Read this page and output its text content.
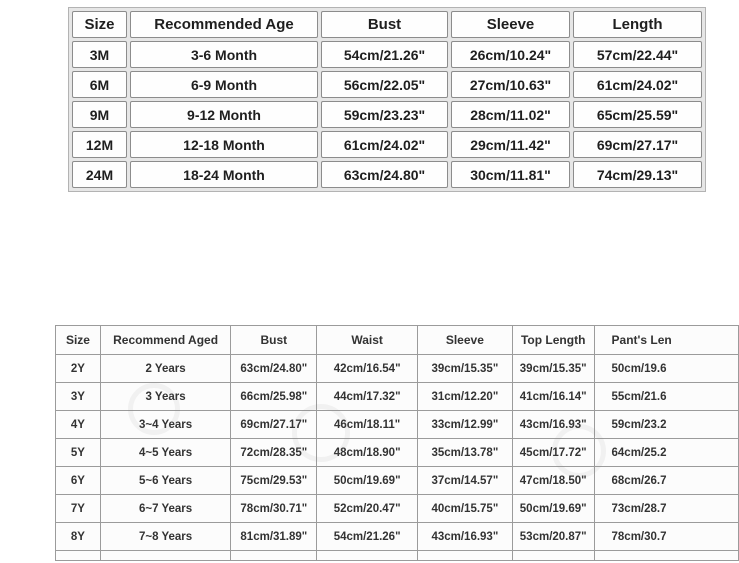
Size	Recommended Age	Bust	Sleeve	Length
3M	3-6 Month	54cm/21.26"	26cm/10.24"	57cm/22.44"
6M	6-9 Month	56cm/22.05"	27cm/10.63"	61cm/24.02"
9M	9-12 Month	59cm/23.23"	28cm/11.02"	65cm/25.59"
12M	12-18 Month	61cm/24.02"	29cm/11.42"	69cm/27.17"
24M	18-24 Month	63cm/24.80"	30cm/11.81"	74cm/29.13"
Size	Recommend Aged	Bust	Waist	Sleeve	Top Length	Pant's Len
2Y	2 Years	63cm/24.80"	42cm/16.54"	39cm/15.35"	39cm/15.35"	50cm/19.6
3Y	3 Years	66cm/25.98"	44cm/17.32"	31cm/12.20"	41cm/16.14"	55cm/21.6
4Y	3~4 Years	69cm/27.17"	46cm/18.11"	33cm/12.99"	43cm/16.93"	59cm/23.2
5Y	4~5 Years	72cm/28.35"	48cm/18.90"	35cm/13.78"	45cm/17.72"	64cm/25.2
6Y	5~6 Years	75cm/29.53"	50cm/19.69"	37cm/14.57"	47cm/18.50"	68cm/26.7
7Y	6~7 Years	78cm/30.71"	52cm/20.47"	40cm/15.75"	50cm/19.69"	73cm/28.7
8Y	7~8 Years	81cm/31.89"	54cm/21.26"	43cm/16.93"	53cm/20.87"	78cm/30.7
